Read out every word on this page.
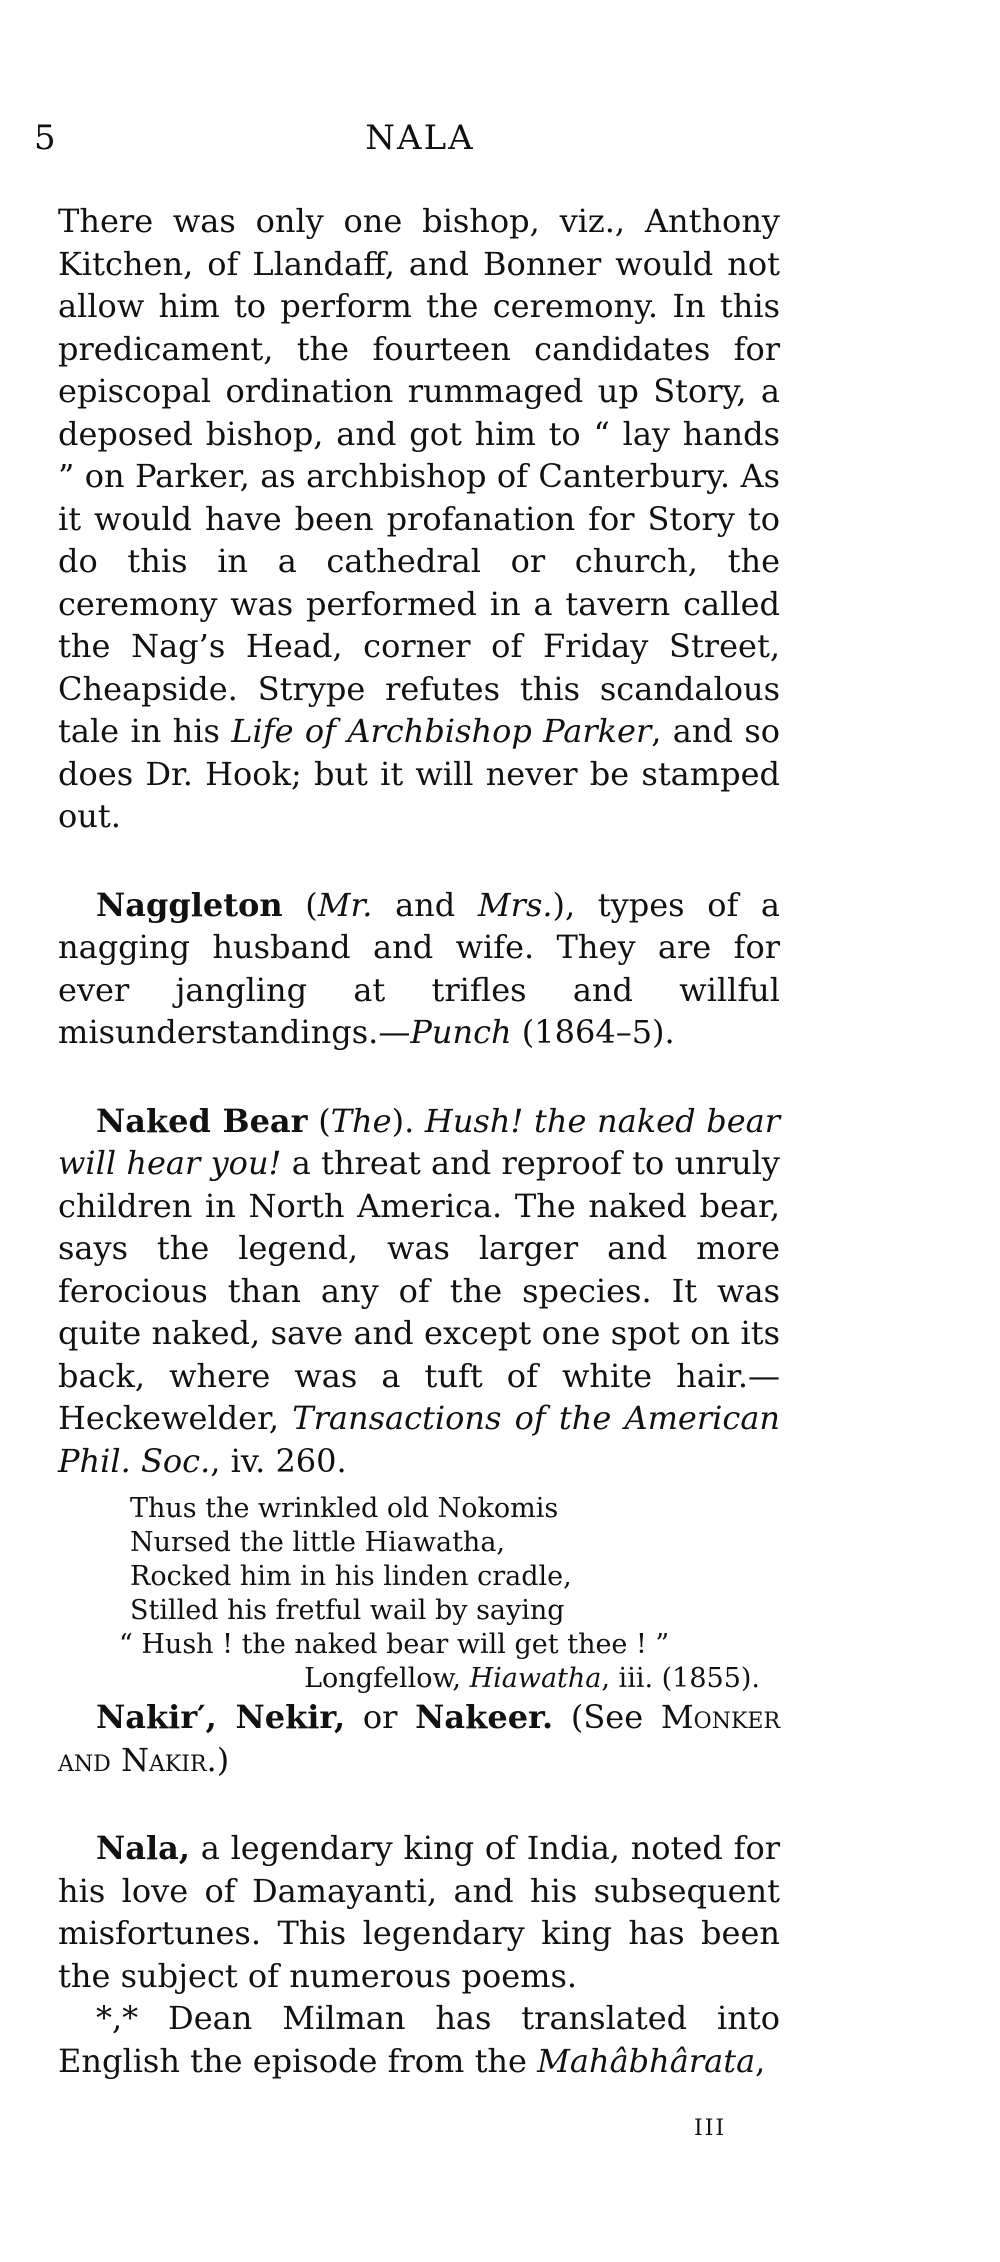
5	NALA

There was only one bishop, viz., Anthony Kitchen, of Llandaff, and Bonner would not allow him to perform the ceremony. In this predicament, the fourteen candidates for episcopal ordination rummaged up Story, a deposed bishop, and got him to “ lay hands ” on Parker, as archbishop of Canterbury. As it would have been profanation for Story to do this in a cathedral or church, the ceremony was performed in a tavern called the Nag’s Head, corner of Friday Street, Cheapside. Strype refutes this scandalous tale in his Life of Archbishop Parker, and so does Dr. Hook; but it will never be stamped out.

Naggleton (Mr. and Mrs.), types of a nagging husband and wife. They are for ever jangling at trifles and willful misunderstandings.—Punch (1864–5).

Naked Bear (The). Hush! the naked bear will hear you! a threat and reproof to unruly children in North America. The naked bear, says the legend, was larger and more ferocious than any of the species. It was quite naked, save and except one spot on its back, where was a tuft of white hair.—Heckewelder, Transactions of the American Phil. Soc., iv. 260.

Thus the wrinkled old Nokomis
Nursed the little Hiawatha,
Rocked him in his linden cradle,
Stilled his fretful wail by saying
“ Hush ! the naked bear will get thee ! ”
Longfellow, Hiawatha, iii. (1855).

Nakir′, Nekir, or Nakeer. (See Monker and Nakir.)

Nala, a legendary king of India, noted for his love of Damayanti, and his subsequent misfortunes. This legendary king has been the subject of numerous poems.

*,* Dean Milman has translated into English the episode from the Mahâbhârata,

III
